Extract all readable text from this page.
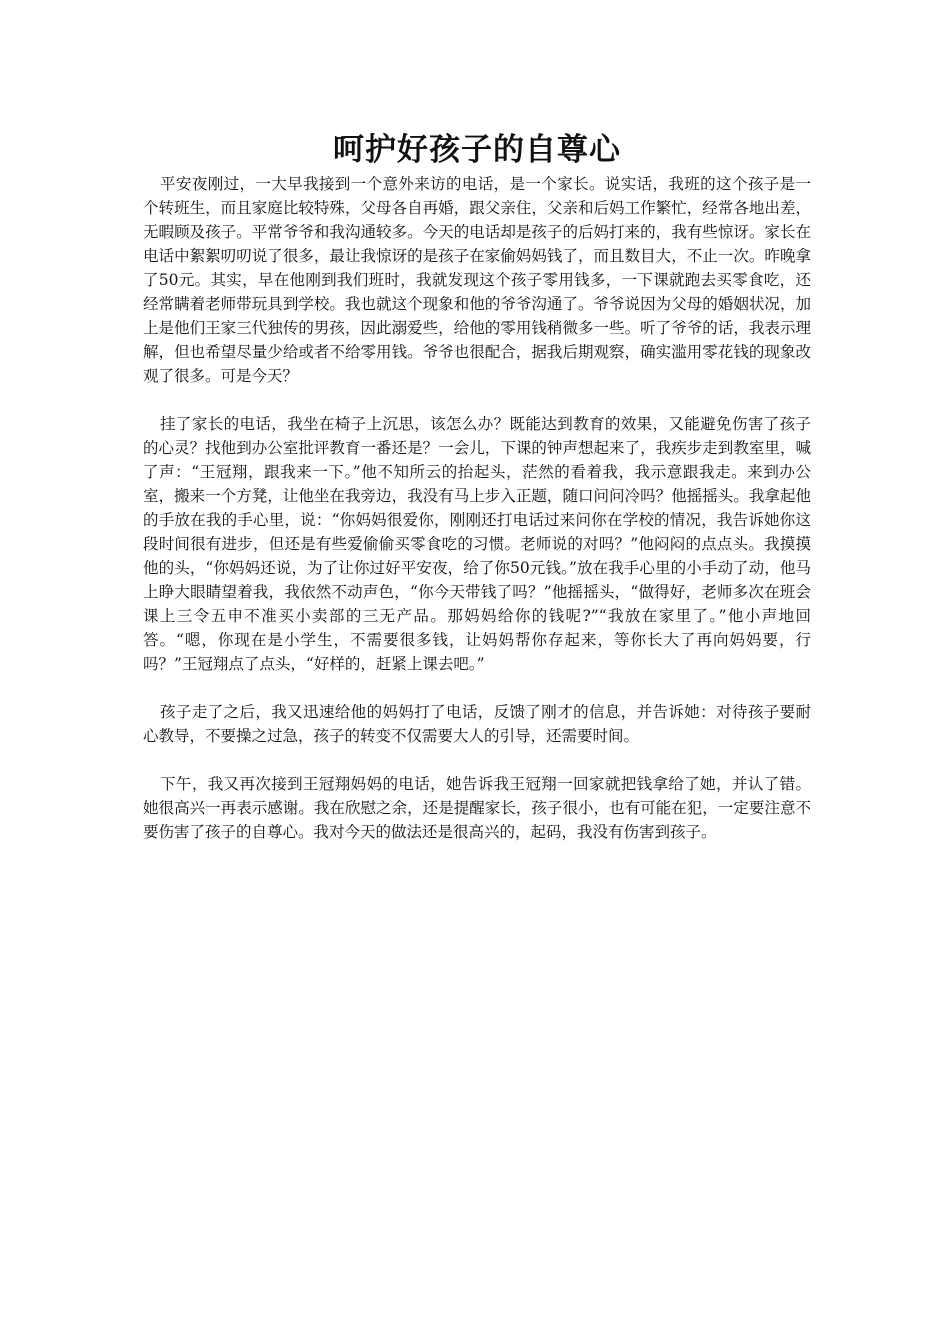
呵护好孩子的自尊心

平安夜刚过，一大早我接到一个意外来访的电话，是一个家长。说实话，我班的这个孩子是一个转班生，而且家庭比较特殊，父母各自再婚，跟父亲住，父亲和后妈工作繁忙，经常各地出差，无暇顾及孩子。平常爷爷和我沟通较多。今天的电话却是孩子的后妈打来的，我有些惊讶。家长在电话中絮絮叨叨说了很多，最让我惊讶的是孩子在家偷妈妈钱了，而且数目大，不止一次。昨晚拿了50元。其实，早在他刚到我们班时，我就发现这个孩子零用钱多，一下课就跑去买零食吃，还经常瞒着老师带玩具到学校。我也就这个现象和他的爷爷沟通了。爷爷说因为父母的婚姻状况，加上是他们王家三代独传的男孩，因此溺爱些，给他的零用钱稍微多一些。听了爷爷的话，我表示理解，但也希望尽量少给或者不给零用钱。爷爷也很配合，据我后期观察，确实滥用零花钱的现象改观了很多。可是今天？

挂了家长的电话，我坐在椅子上沉思，该怎么办？既能达到教育的效果，又能避免伤害了孩子的心灵？找他到办公室批评教育一番还是？一会儿，下课的钟声想起来了，我疾步走到教室里，喊了声：“王冠翔，跟我来一下。”他不知所云的抬起头，茫然的看着我，我示意跟我走。来到办公室，搬来一个方凳，让他坐在我旁边，我没有马上步入正题，随口问问冷吗？他摇摇头。我拿起他的手放在我的手心里，说：“你妈妈很爱你，刚刚还打电话过来问你在学校的情况，我告诉她你这段时间很有进步，但还是有些爱偷偷买零食吃的习惯。老师说的对吗？”他闷闷的点点头。我摸摸他的头，“你妈妈还说，为了让你过好平安夜，给了你50元钱。”放在我手心里的小手动了动，他马上睁大眼睛望着我，我依然不动声色，“你今天带钱了吗？”他摇摇头，“做得好，老师多次在班会课上三令五申不准买小卖部的三无产品。那妈妈给你的钱呢?”“我放在家里了。”他小声地回答。“嗯，你现在是小学生，不需要很多钱，让妈妈帮你存起来，等你长大了再向妈妈要，行吗？”王冠翔点了点头，“好样的，赶紧上课去吧。”

孩子走了之后，我又迅速给他的妈妈打了电话，反馈了刚才的信息，并告诉她：对待孩子要耐心教导，不要操之过急，孩子的转变不仅需要大人的引导，还需要时间。

下午，我又再次接到王冠翔妈妈的电话，她告诉我王冠翔一回家就把钱拿给了她，并认了错。她很高兴一再表示感谢。我在欣慰之余，还是提醒家长，孩子很小，也有可能在犯，一定要注意不要伤害了孩子的自尊心。我对今天的做法还是很高兴的，起码，我没有伤害到孩子。
